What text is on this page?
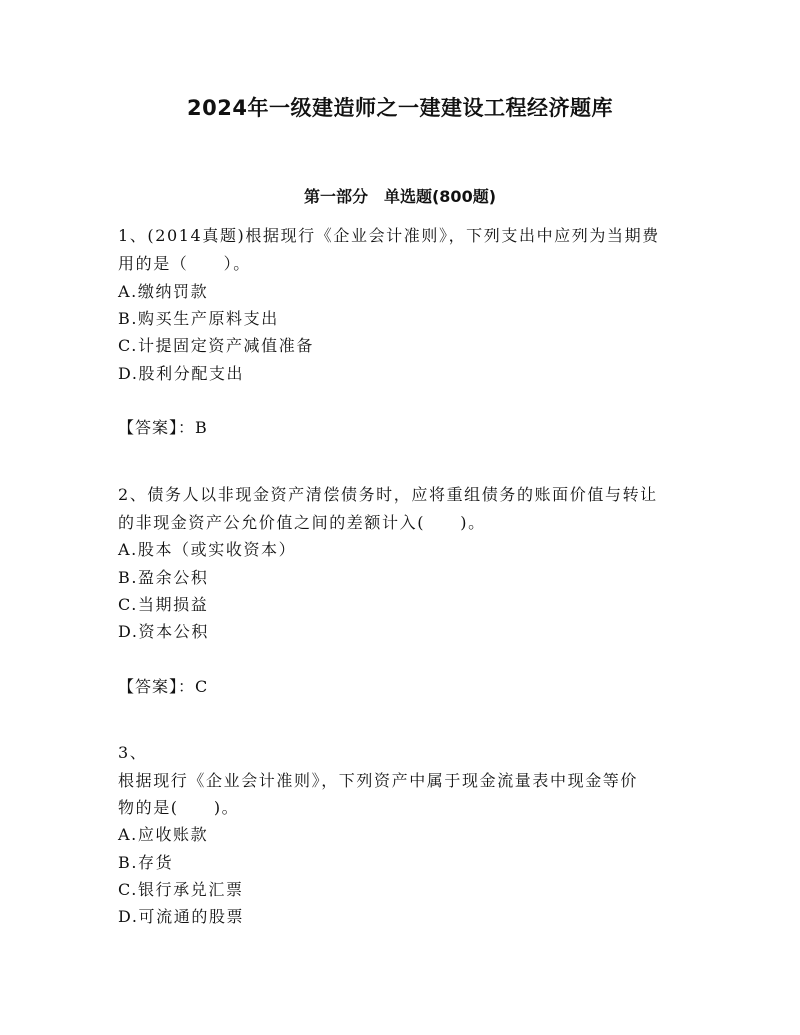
2024年一级建造师之一建建设工程经济题库
第一部分　单选题(800题)
1、(2014真题)根据现行《企业会计准则》，下列支出中应列为当期费
用的是（　　）。
A.缴纳罚款
B.购买生产原料支出
C.计提固定资产减值准备
D.股利分配支出
【答案】：B
2、债务人以非现金资产清偿债务时，应将重组债务的账面价值与转让
的非现金资产公允价值之间的差额计入(　　)。
A.股本（或实收资本）
B.盈余公积
C.当期损益
D.资本公积
【答案】：C
3、
根据现行《企业会计准则》，下列资产中属于现金流量表中现金等价
物的是(　　)。
A.应收账款
B.存货
C.银行承兑汇票
D.可流通的股票
